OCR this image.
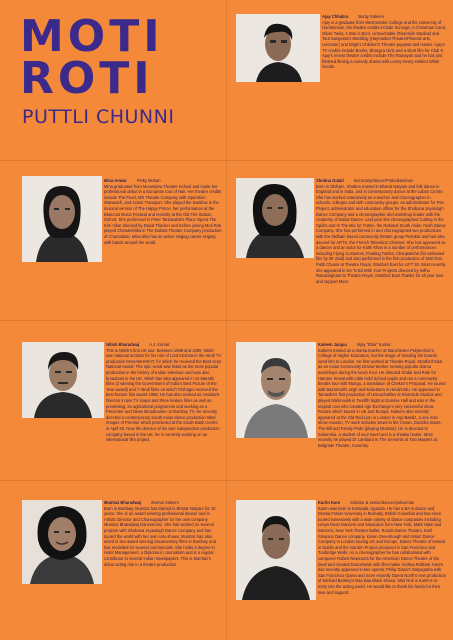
MOTI
ROTI
PUTTLI CHUNNI

Ajay Chhabra Bunty Saleem

Ajay is a graduate from Westminster College and the University of Humberside. His theatre credits include Scrooge, A Christmas Carol, Oliver Twist, A Star is Born, Untouchable (Riverside Studios) and Tout Sangeeta's Wedding (Haymarket Theatre/Phoenix arts, Leicester) and Birgit's Children's Theatre puppets and masks. Ajay's TV credits include Boohs, Bhangra Girls and a short film for Club X. Ajay's recent theatre credits include The Ramayan and he has just finished filming a comedy drama with Lenny Henry entitled White Goods.

Mina Anwar Pinky Mohan

Mina graduated from Mountview Theatre School and made her professional debut in a European tour of Hair. Her theatre credits include The Poorl, ME Theatre Company with Operation Warwatch, and Action Transport. She played the Swallow in the musical version of The Happy Prince, her performance at the Bluecoat Music Festival and recently at the Old Fire Station, Oxford. She performed in Peter Tantrawinit's Place Opera The Kim Vikar directed by David Thacker and before joining Moti Roti played Charulekhika in The Sabina Theatre Company production of Charandasi. Mina also has an active singing career singing with bands around the world.

Shobna Gulati Secretary/dancer/Prakeikasiman

Born in Oldham, Shobna trained in Bharat Natyam and folk dance in England and in India, and in contemporary dance at the Laban Centre. She has worked extensively as a teacher and choreographer in schools, colleges and with community groups, as administrator for Pan Project, administrator and education officer for the Shobana Jeyasingh Dance Company and a choreographer and workshop leader with the Academy of Indian Dance. Last year she choreographed Cutting in the Spirits and In The Mix for YUMA, the National South Asian Youth Dance Company. She has performed in and choreographed two productions with the Oldham based community theatre group Peshkar and has also danced for ARTS, the French Television Channel. She has appeared as a dancer and an actor for Kathi Khan in a number of performances including Flying Costumes, Floating Tombs, Chaupatiche (for animated film by Mr Zaid) and also performed in the first production of Moti Roti, Puttli Chunni at Theatre Royal, Stratford East for LIFT 93. Most recently she appeared in Do 'N Ed With Your Projects directed by Indhu Rubasingham at Theatre Royal, Stratford East.Thanks for all your love and support Mum.

Nitish Bharadwaj A.J. Kumar

This is Nitish's first UK tour. Between 1988 and 1990, Nitish won national acclaim for his role of Lord Krishna in the Hindi TV production MAHABHARAT, for which he received the Best Actor National Award. The epic serial was listed as the most popular production in the history of Indian television and was also broadcast in the UK. Nitish has also appeared in 10 Marathi films (2 winning the Government of India's Best Picture of the Year award) and 7 Hindi films on which Trishagni received the best feature film award 1988. He has also worked as Assistant Director in two TV soaps and three feature films as well as presenting, an agricultural programme and working as a Presenter and News Broadcaster on Bombay TV. He recently directed a contemporary South Asian dance production titled Images of Premier which premiered at the South Bank Centre in April 93. Now the director of his own independent production company based in the UK, he is currently working on an international film project.

Kaleem Janjua Vijay "Bhai" Kumar

Kaleem trained as a drama teacher at Manchester Polytechnic's College of Higher Education, but the magic of treading the boards lured him to London. He first worked at Theatre Royal, Stratford East as an Asian Community Drama Worker running popular drama workshops during the lunch hour. He directed Ohdar and Rule for Hamare Kewal with Little Hold School pupils and ran a community theatre tour with Mangu, a translation of Chekov's Proposal. He toured with Bazarmall's Urgh and Kala-Bera in Hindi/Urdu. He appeared in Tamasha's first production of Untouchables at Riverside Studios and played Mahmoulik in Twelfth Night at Sunrise Hall and was in the original cast who created Age Exchange's very successful show Routes which toured in UK and Europe. Kaleem also recently appeared at the Old Red Lion in London in Argi-Bandz, a one man show Autumn, TV work includes Jewel in the Crown, Doubles Bouts, The Bill and Family Pride (playing Mumtaz). He is devoted to Sokamhai, a student of soul travel and is a shiatsu healer. Most recently he played Dr Lambard in The Servants at Two Masters at Belgrade Theatre, Coventry.

Mumtaz Bharadwaj Zeenat Saleem

Born in Bombay, Mumtaz has trained in Bharat Natyam for 10 years. She is an award winning professional dancer and is Artistic Director and Choreographer for her own company Mumtaz Bharadwaj Dancetronix. She has worked on several projects with Shobana Jeyasingh Dance Company and has toured the world with her own solo shows. Mumtaz has also acted in two award winning documentary films in Bombay and has modelled for several commercials. She holds a degree in Hotel Management, a Diploma in Journalism and is a regular contributor to several Indian Newspapers. This is Mumtaz's debut acting role in a theatre production.

Kartin Kare Solicitor & senior/dancer/policeman

Karim was born in Kampala, Uganda. He has a BA in dance and Drama Fraser University in Burnaby, British Columbia and has since toured extensively with a wide variety of dance companies including Lesya Dean Dancers and Musicians from New York, Mark Haim and Dancers, New York Theatre Ballet, Ronda Dance Theatre, Emil Simpson Dance company, Karen Greenhough and Imtiaz Dance Company in London touring UK and Europe, Dance Theatre of Ireland in Dublin and the Garden Project produced in San Francisco and Tunbridge Wells. As a choreographer he has collaborated with composer Robert Newcomb for the American Dance Theatre of the Deaf and created Dancetwain with film-maker Andrea Robbek. Karim has recently appeared in two operas: Philip Glass's Satyagraha with San Francisco Opera and more recently Opera North's new production of Michael Berkley's Baa Baa Black Sheep. Moti Roti is Karim's re-entry into the acting world. He would like to thank his family for their love and support.
